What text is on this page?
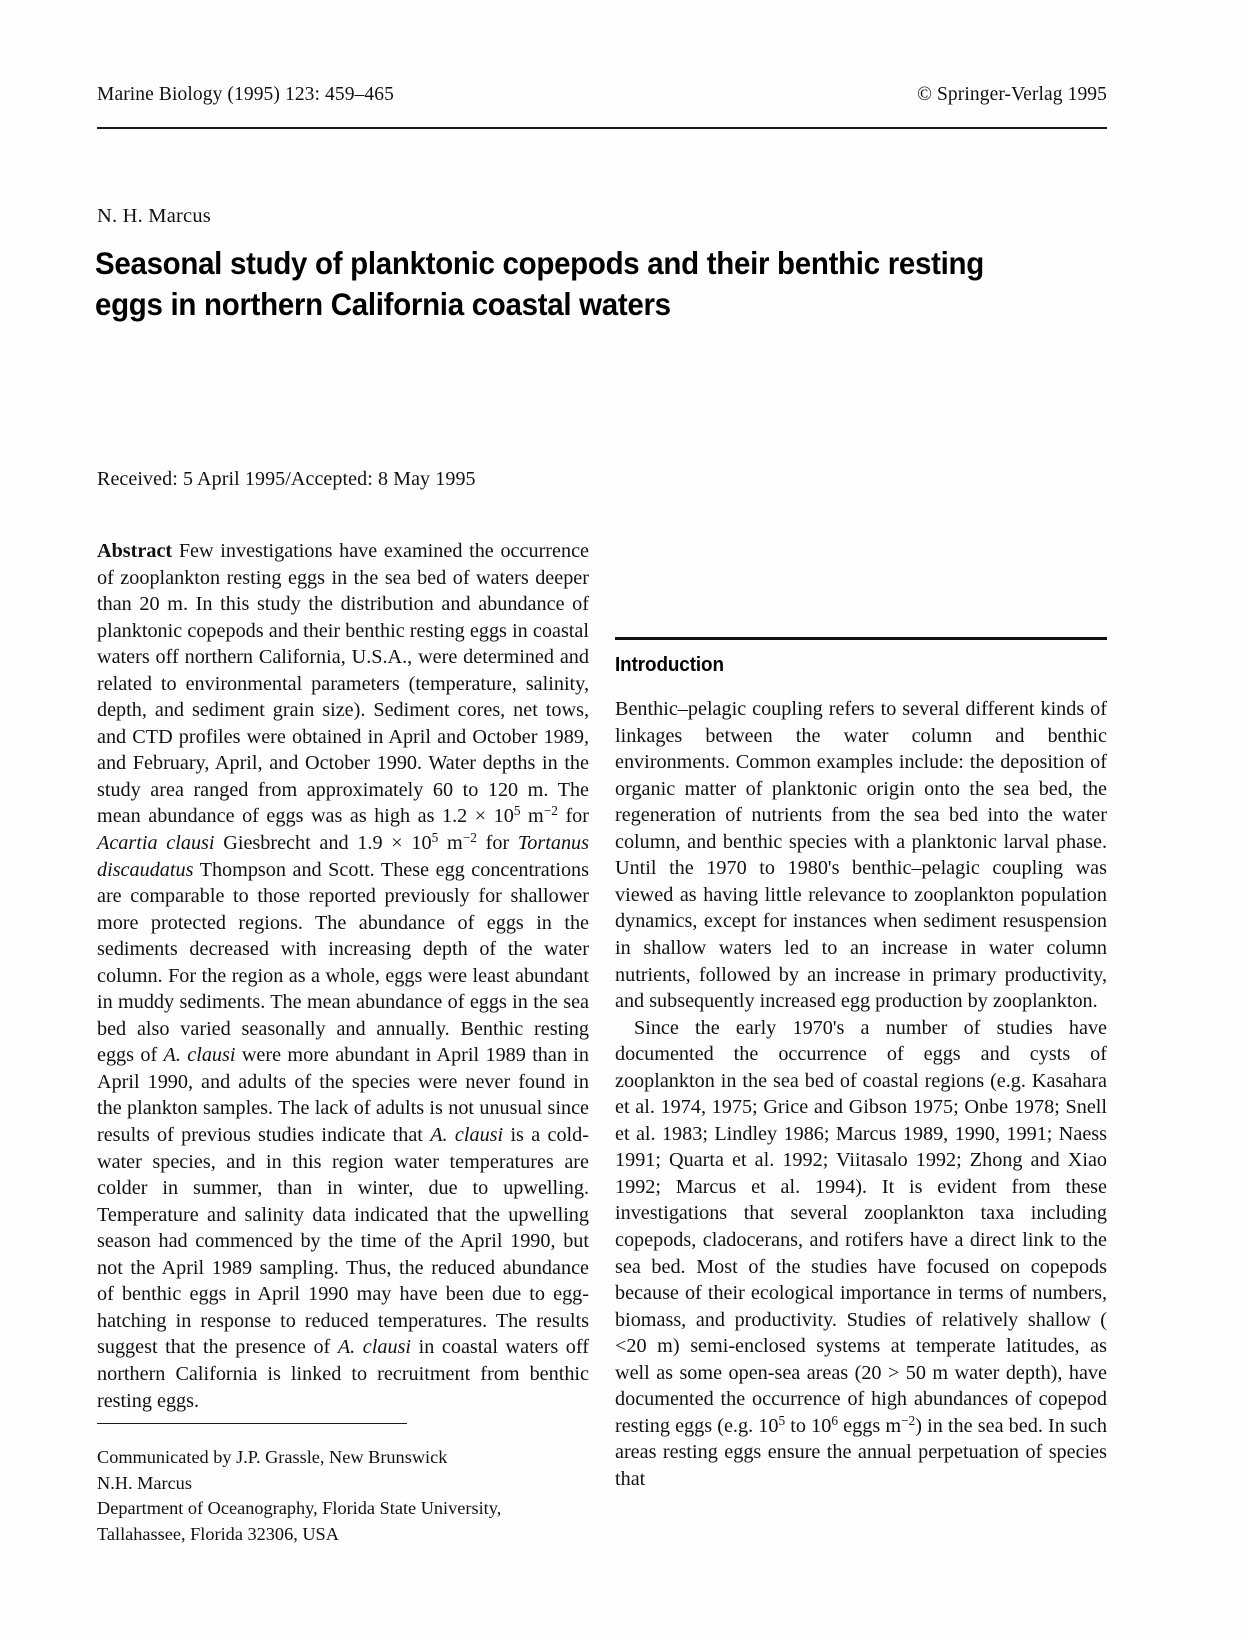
Marine Biology (1995) 123: 459–465	© Springer-Verlag 1995
N. H. Marcus
Seasonal study of planktonic copepods and their benthic resting eggs in northern California coastal waters
Received: 5 April 1995/Accepted: 8 May 1995

Abstract Few investigations have examined the occurrence of zooplankton resting eggs in the sea bed of waters deeper than 20 m. In this study the distribution and abundance of planktonic copepods and their benthic resting eggs in coastal waters off northern California, U.S.A., were determined and related to environmental parameters (temperature, salinity, depth, and sediment grain size). Sediment cores, net tows, and CTD profiles were obtained in April and October 1989, and February, April, and October 1990. Water depths in the study area ranged from approximately 60 to 120 m. The mean abundance of eggs was as high as $1.2 \times 10^5$ $m^{-2}$ for Acartia clausi Giesbrecht and $1.9 \times 10^5$ $m^{-2}$ for Tortanus discaudatus Thompson and Scott. These egg concentrations are comparable to those reported previously for shallower more protected regions. The abundance of eggs in the sediments decreased with increasing depth of the water column. For the region as a whole, eggs were least abundant in muddy sediments. The mean abundance of eggs in the sea bed also varied seasonally and annually. Benthic resting eggs of A. clausi were more abundant in April 1989 than in April 1990, and adults of the species were never found in the plankton samples. The lack of adults is not unusual since results of previous studies indicate that A. clausi is a cold-water species, and in this region water temperatures are colder in summer, than in winter, due to upwelling. Temperature and salinity data indicated that the upwelling season had commenced by the time of the April 1990, but not the April 1989 sampling. Thus, the reduced abundance of benthic eggs in April 1990 may have been due to egg-hatching in response to reduced temperatures. The results suggest that the presence of A. clausi in coastal waters off northern California is linked to recruitment from benthic resting eggs.

Communicated by J.P. Grassle, New Brunswick
N.H. Marcus
Department of Oceanography, Florida State University,
Tallahassee, Florida 32306, USA
Introduction

Benthic–pelagic coupling refers to several different kinds of linkages between the water column and benthic environments. Common examples include: the deposition of organic matter of planktonic origin onto the sea bed, the regeneration of nutrients from the sea bed into the water column, and benthic species with a planktonic larval phase. Until the 1970 to 1980's benthic–pelagic coupling was viewed as having little relevance to zooplankton population dynamics, except for instances when sediment resuspension in shallow waters led to an increase in water column nutrients, followed by an increase in primary productivity, and subsequently increased egg production by zooplankton.

Since the early 1970's a number of studies have documented the occurrence of eggs and cysts of zooplankton in the sea bed of coastal regions (e.g. Kasahara et al. 1974, 1975; Grice and Gibson 1975; Onbe 1978; Snell et al. 1983; Lindley 1986; Marcus 1989, 1990, 1991; Naess 1991; Quarta et al. 1992; Viitasalo 1992; Zhong and Xiao 1992; Marcus et al. 1994). It is evident from these investigations that several zooplankton taxa including copepods, cladocerans, and rotifers have a direct link to the sea bed. Most of the studies have focused on copepods because of their ecological importance in terms of numbers, biomass, and productivity. Studies of relatively shallow ( <20 m) semi-enclosed systems at temperate latitudes, as well as some open-sea areas (20 > 50 m water depth), have documented the occurrence of high abundances of copepod resting eggs (e.g. $10^5$ to $10^6$ eggs $m^{-2}$) in the sea bed. In such areas resting eggs ensure the annual perpetuation of species that
